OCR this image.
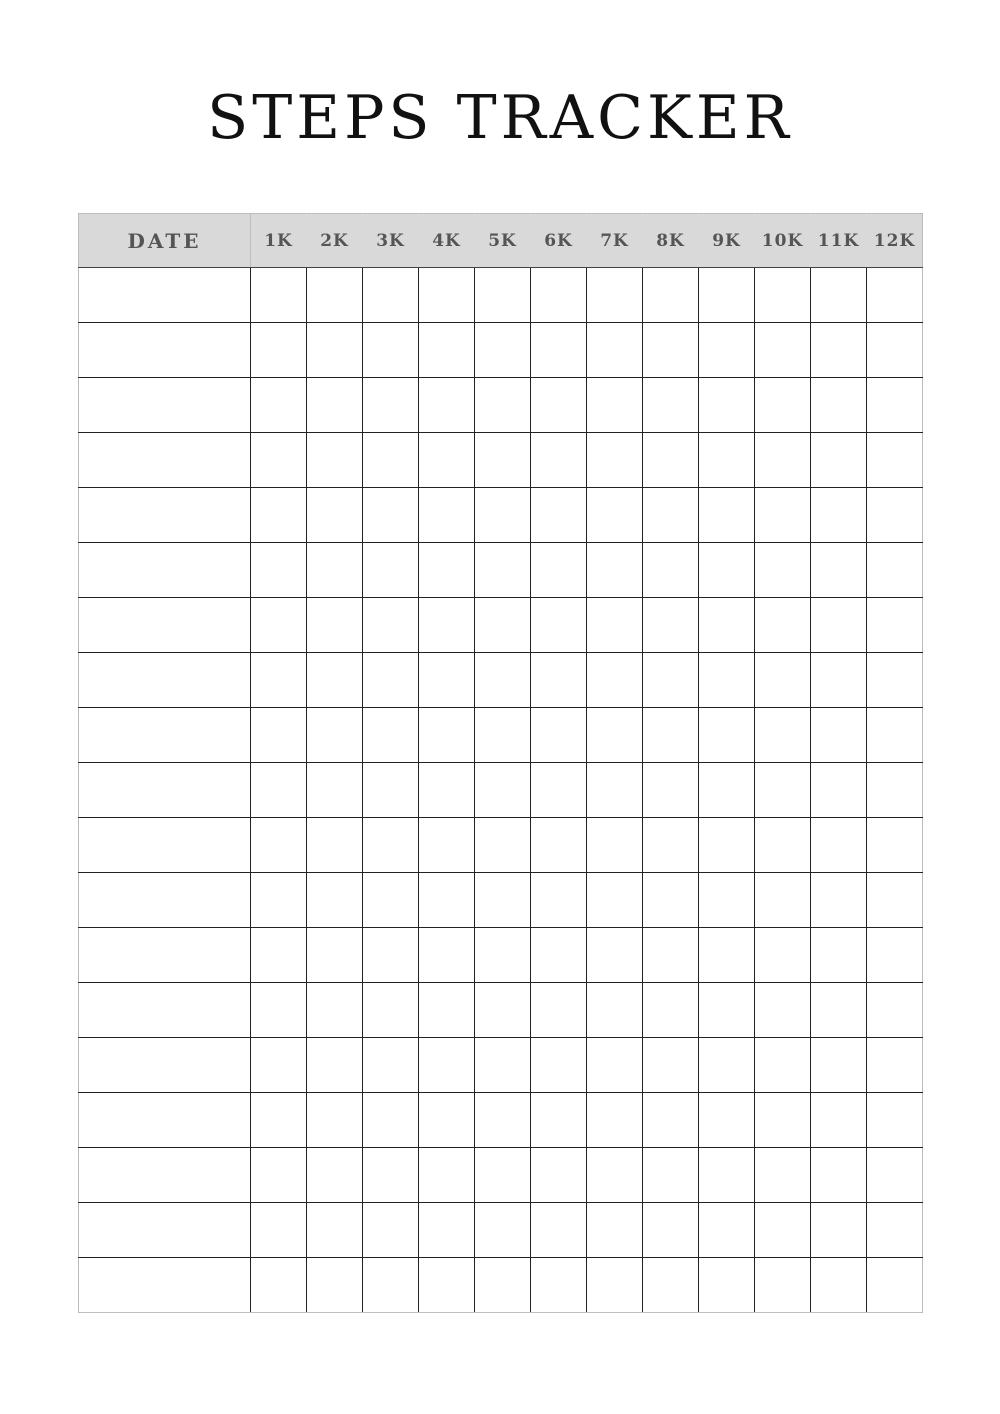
STEPS TRACKER
DATE	1K	2K	3K	4K	5K	6K	7K	8K	9K	10K	11K	12K
